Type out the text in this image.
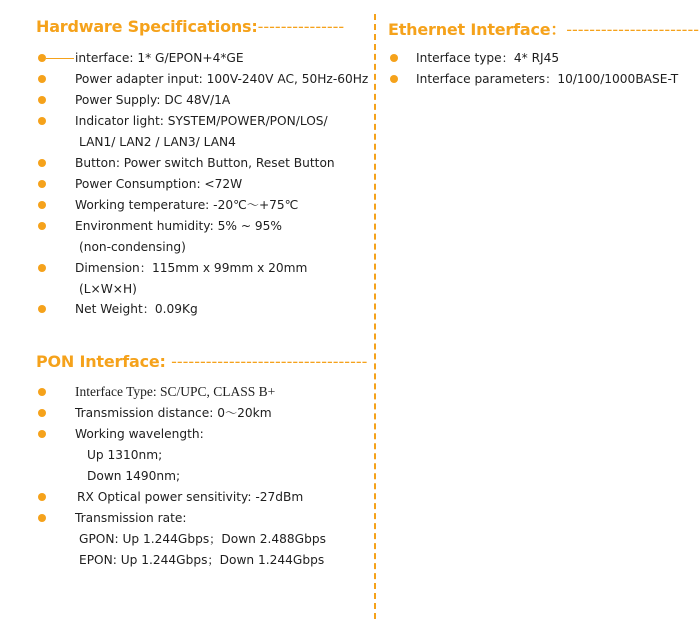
Hardware Specifications:---------------
interface: 1* G/EPON+4*GE
Power adapter input: 100V-240V AC, 50Hz-60Hz
Power Supply: DC 48V/1A
Indicator light: SYSTEM/POWER/PON/LOS/
LAN1/ LAN2 / LAN3/ LAN4
Button: Power switch Button, Reset Button
Power Consumption: <72W
Working temperature: -20℃～+75℃
Environment humidity: 5% ~ 95%
(non-condensing)
Dimension：115mm x 99mm x 20mm
(L×W×H)
Net Weight：0.09Kg
PON Interface: ----------------------------------
Interface Type: SC/UPC, CLASS B+
Transmission distance: 0～20km
Working wavelength:
Up 1310nm;
Down 1490nm;
RX Optical power sensitivity: -27dBm
Transmission rate:
GPON: Up 1.244Gbps；Down 2.488Gbps
EPON: Up 1.244Gbps；Down 1.244Gbps
Ethernet Interface：-----------------------
Interface type：4* RJ45
Interface parameters：10/100/1000BASE-T
